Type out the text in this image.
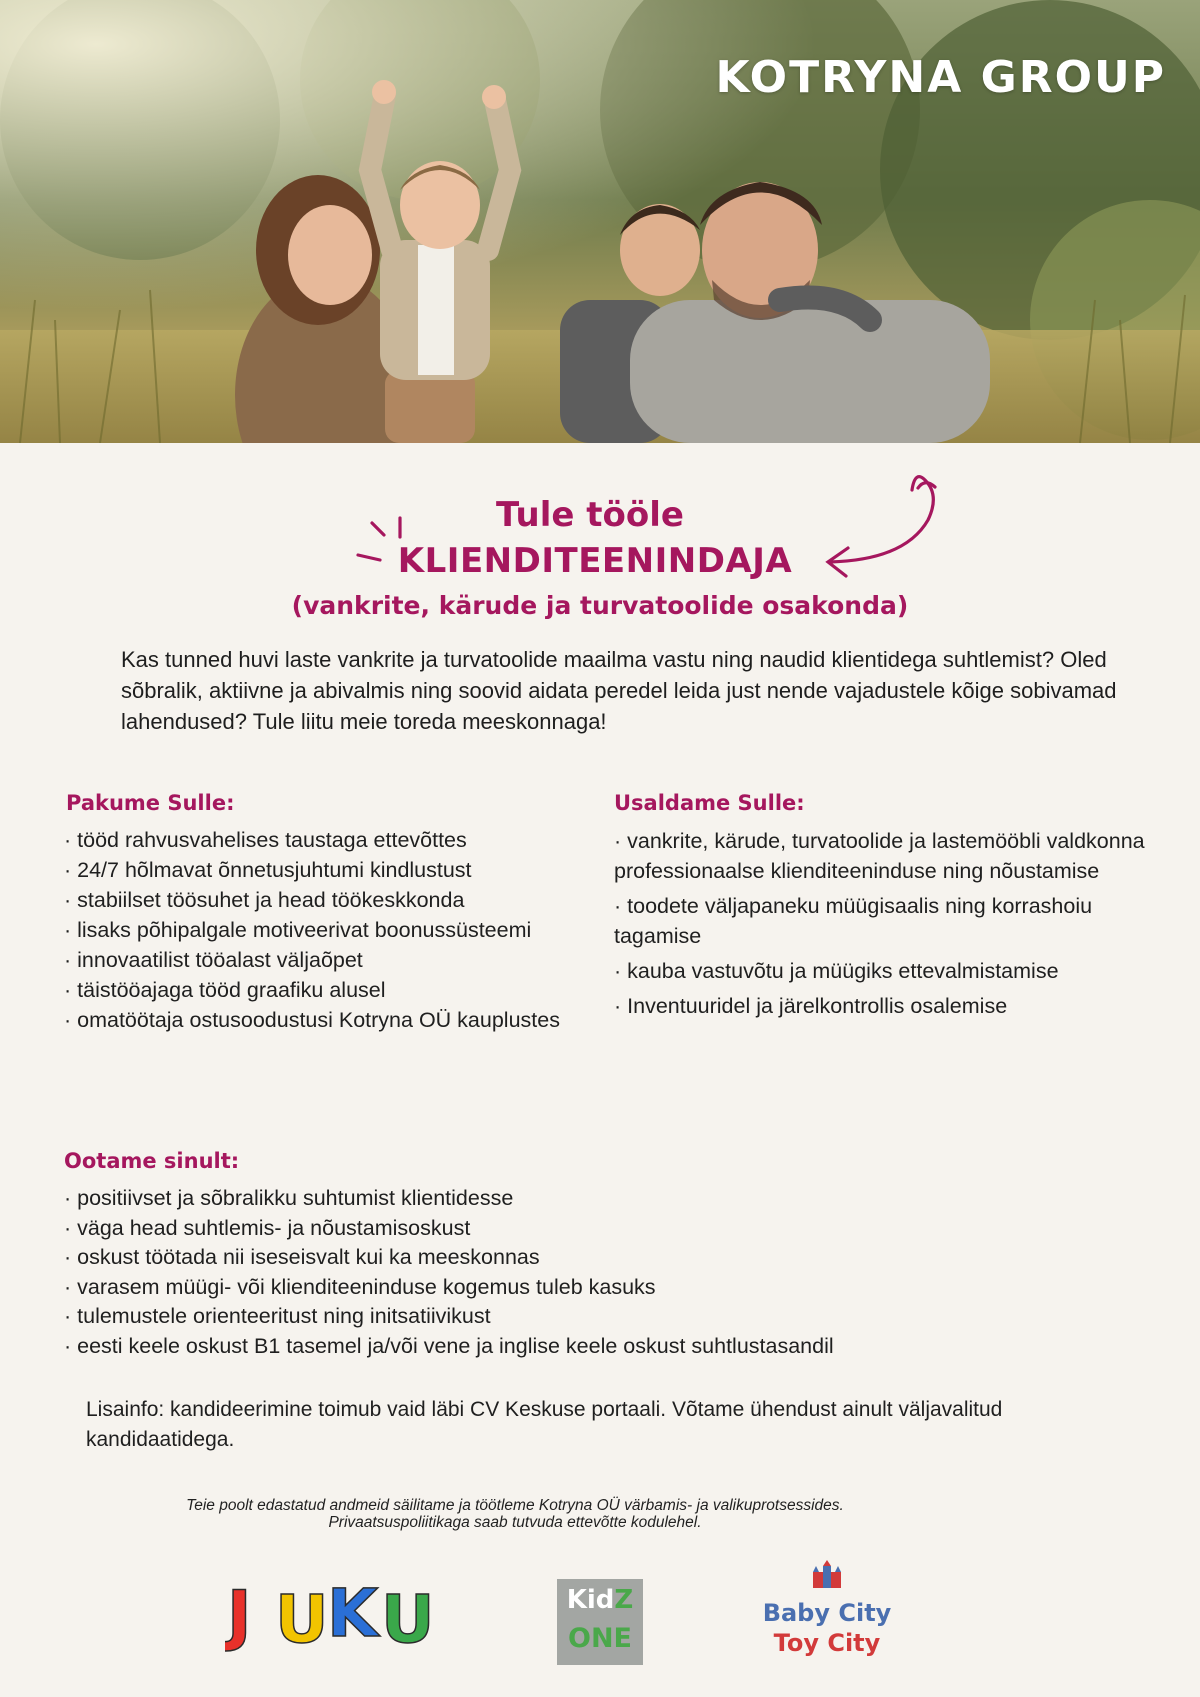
KOTRYNA GROUP
Tule tööle
KLIENDITEENINDAJA
(vankrite, kärude ja turvatoolide osakonda)
Kas tunned huvi laste vankrite ja turvatoolide maailma vastu ning naudid klientidega suhtlemist? Oled sõbralik, aktiivne ja abivalmis ning soovid aidata peredel leida just nende vajadustele kõige sobivamad lahendused? Tule liitu meie toreda meeskonnaga!
Pakume Sulle:
· tööd rahvusvahelises taustaga ettevõttes
· 24/7 hõlmavat õnnetusjuhtumi kindlustust
· stabiilset töösuhet ja head töökeskkonda
· lisaks põhipalgale motiveerivat boonussüsteemi
· innovaatilist tööalast väljaõpet
· täistööajaga tööd graafiku alusel
· omatöötaja ostusoodustusi Kotryna OÜ kauplustes
Usaldame Sulle:
· vankrite, kärude, turvatoolide ja lastemööbli valdkonna professionaalse klienditeeninduse ning nõustamise
· toodete väljapaneku müügisaalis ning korrashoiu tagamise
· kauba vastuvõtu ja müügiks ettevalmistamise
· Inventuuridel ja järelkontrollis osalemise
Ootame sinult:
· positiivset ja sõbralikku suhtumist klientidesse
· väga head suhtlemis- ja nõustamisoskust
· oskust töötada nii iseseisvalt kui ka meeskonnas
· varasem müügi- või klienditeeninduse kogemus tuleb kasuks
· tulemustele orienteeritust ning initsatiivikust
· eesti keele oskust B1 tasemel ja/või vene ja inglise keele oskust suhtlustasandil
Lisainfo: kandideerimine toimub vaid läbi CV Keskuse portaali. Võtame ühendust ainult väljavalitud kandidaatidega.
Teie poolt edastatud andmeid säilitame ja töötleme Kotryna OÜ värbamis- ja valikuprotsessides.
Privaatsuspoliitikaga saab tutvuda ettevõtte kodulehel.
J U
K U	KidZ
ONE
Baby City
Toy City
